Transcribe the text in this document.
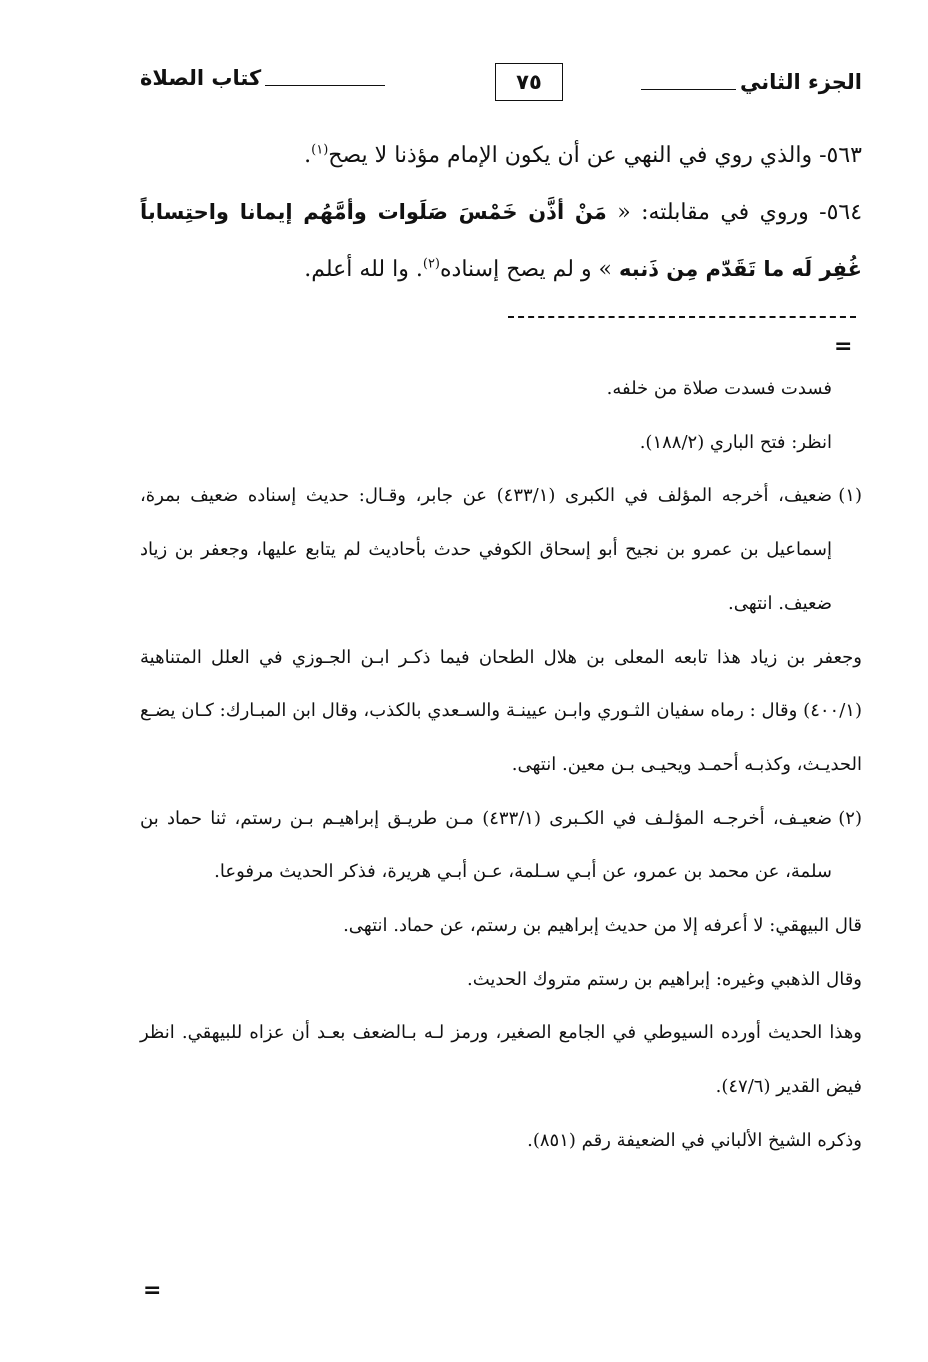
الجزء الثاني
٧٥
كتاب الصلاة

٥٦٣- والذي روي في النهي عن أن يكون الإمام مؤذنا لا يصح$^{(١)}$.

٥٦٤- وروي في مقابلته: « مَنْ أذَّن خَمْسَ صَلَوات وأمَّهُم إيمانا واحتِساباً غُفِر لَه ما تَقَدّم مِن ذَنبه » و لم يصح إسناده$^{(٢)}$. وا لله أعلم.

=

فسدت فسدت صلاة من خلفه.

انظر: فتح الباري (١٨٨/٢).

(١)ضعيف، أخرجه المؤلف في الكبرى (٤٣٣/١) عن جابر، وقـال: حديث إسناده ضعيف بمرة، إسماعيل بن عمرو بن نجيح أبو إسحاق الكوفي حدث بأحاديث لم يتابع عليها، وجعفر بن زياد ضعيف. انتهى.

وجعفر بن زياد هذا تابعه المعلى بن هلال الطحان فيما ذكـر ابـن الجـوزي في العلل المتناهية (٤٠٠/١) وقال : رماه سفيان الثـوري وابـن عيينـة والسـعدي بالكذب، وقال ابن المبـارك: كـان يضـع الحديـث، وكذبـه أحمـد ويحيـى بـن معين. انتهى.

(٢)ضعيـف، أخرجـه المؤلـف في الكـبرى (٤٣٣/١) مـن طريـق إبراهيـم بـن رستم، ثنا حماد بن سلمة، عن محمد بن عمرو، عن أبـي سـلمة، عـن أبـي هريرة، فذكر الحديث مرفوعا.

قال البيهقي: لا أعرفه إلا من حديث إبراهيم بن رستم، عن حماد. انتهى.

وقال الذهبي وغيره: إبراهيم بن رستم متروك الحديث.

وهذا الحديث أورده السيوطي في الجامع الصغير، ورمز لـه بـالضعف بعـد أن عزاه للبيهقي. انظر فيض القدير (٤٧/٦).

وذكره الشيخ الألباني في الضعيفة رقم (٨٥١).

=
